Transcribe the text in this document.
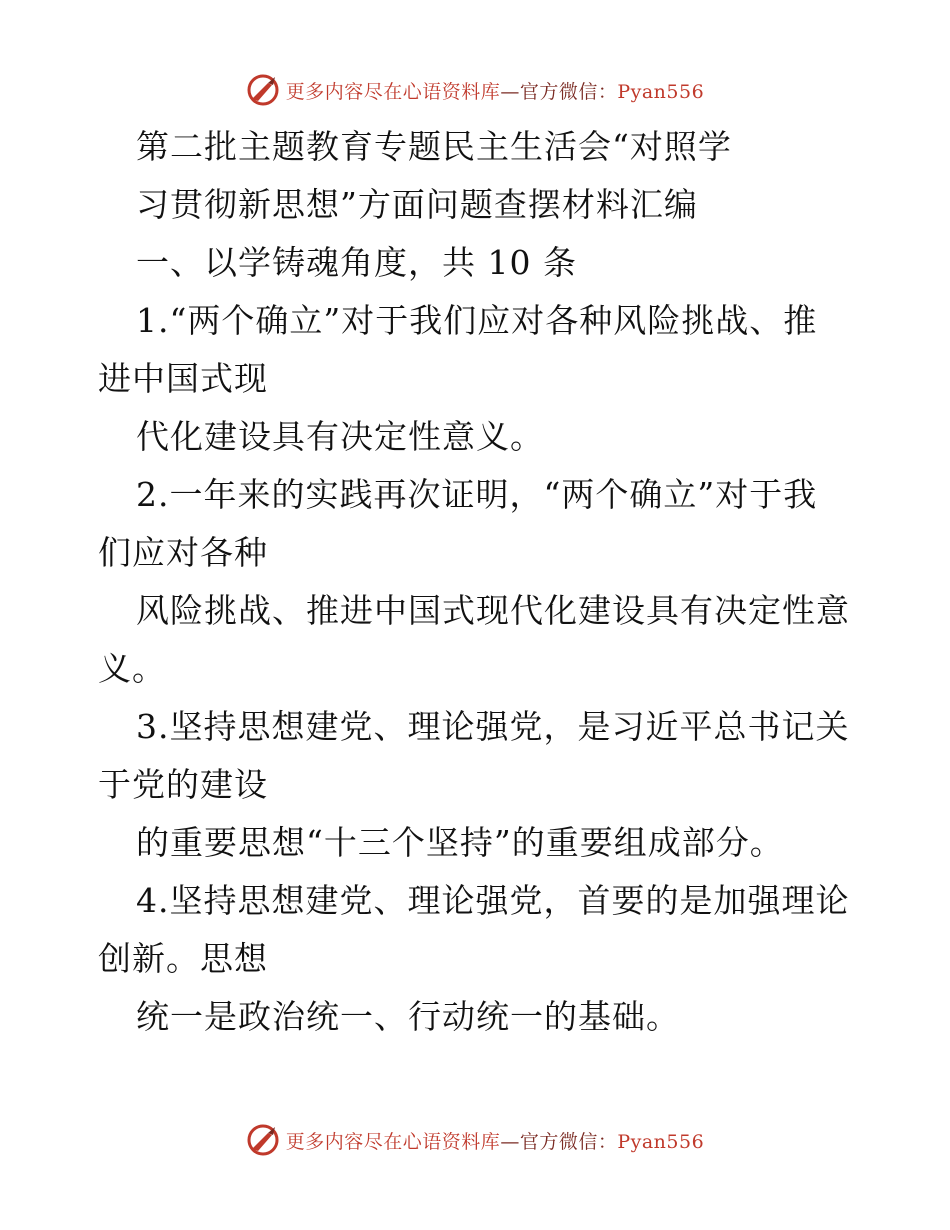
更多内容尽在心语资料库—官方微信：Pyan556
第二批主题教育专题民主生活会“对照学
习贯彻新思想”方面问题查摆材料汇编
一、以学铸魂角度，共 10 条
1.“两个确立”对于我们应对各种风险挑战、推
进中国式现
代化建设具有决定性意义。
2.一年来的实践再次证明，“两个确立”对于我
们应对各种
风险挑战、推进中国式现代化建设具有决定性意
义。
3.坚持思想建党、理论强党，是习近平总书记关
于党的建设
的重要思想“十三个坚持”的重要组成部分。
4.坚持思想建党、理论强党，首要的是加强理论
创新。思想
统一是政治统一、行动统一的基础。
更多内容尽在心语资料库—官方微信：Pyan556
